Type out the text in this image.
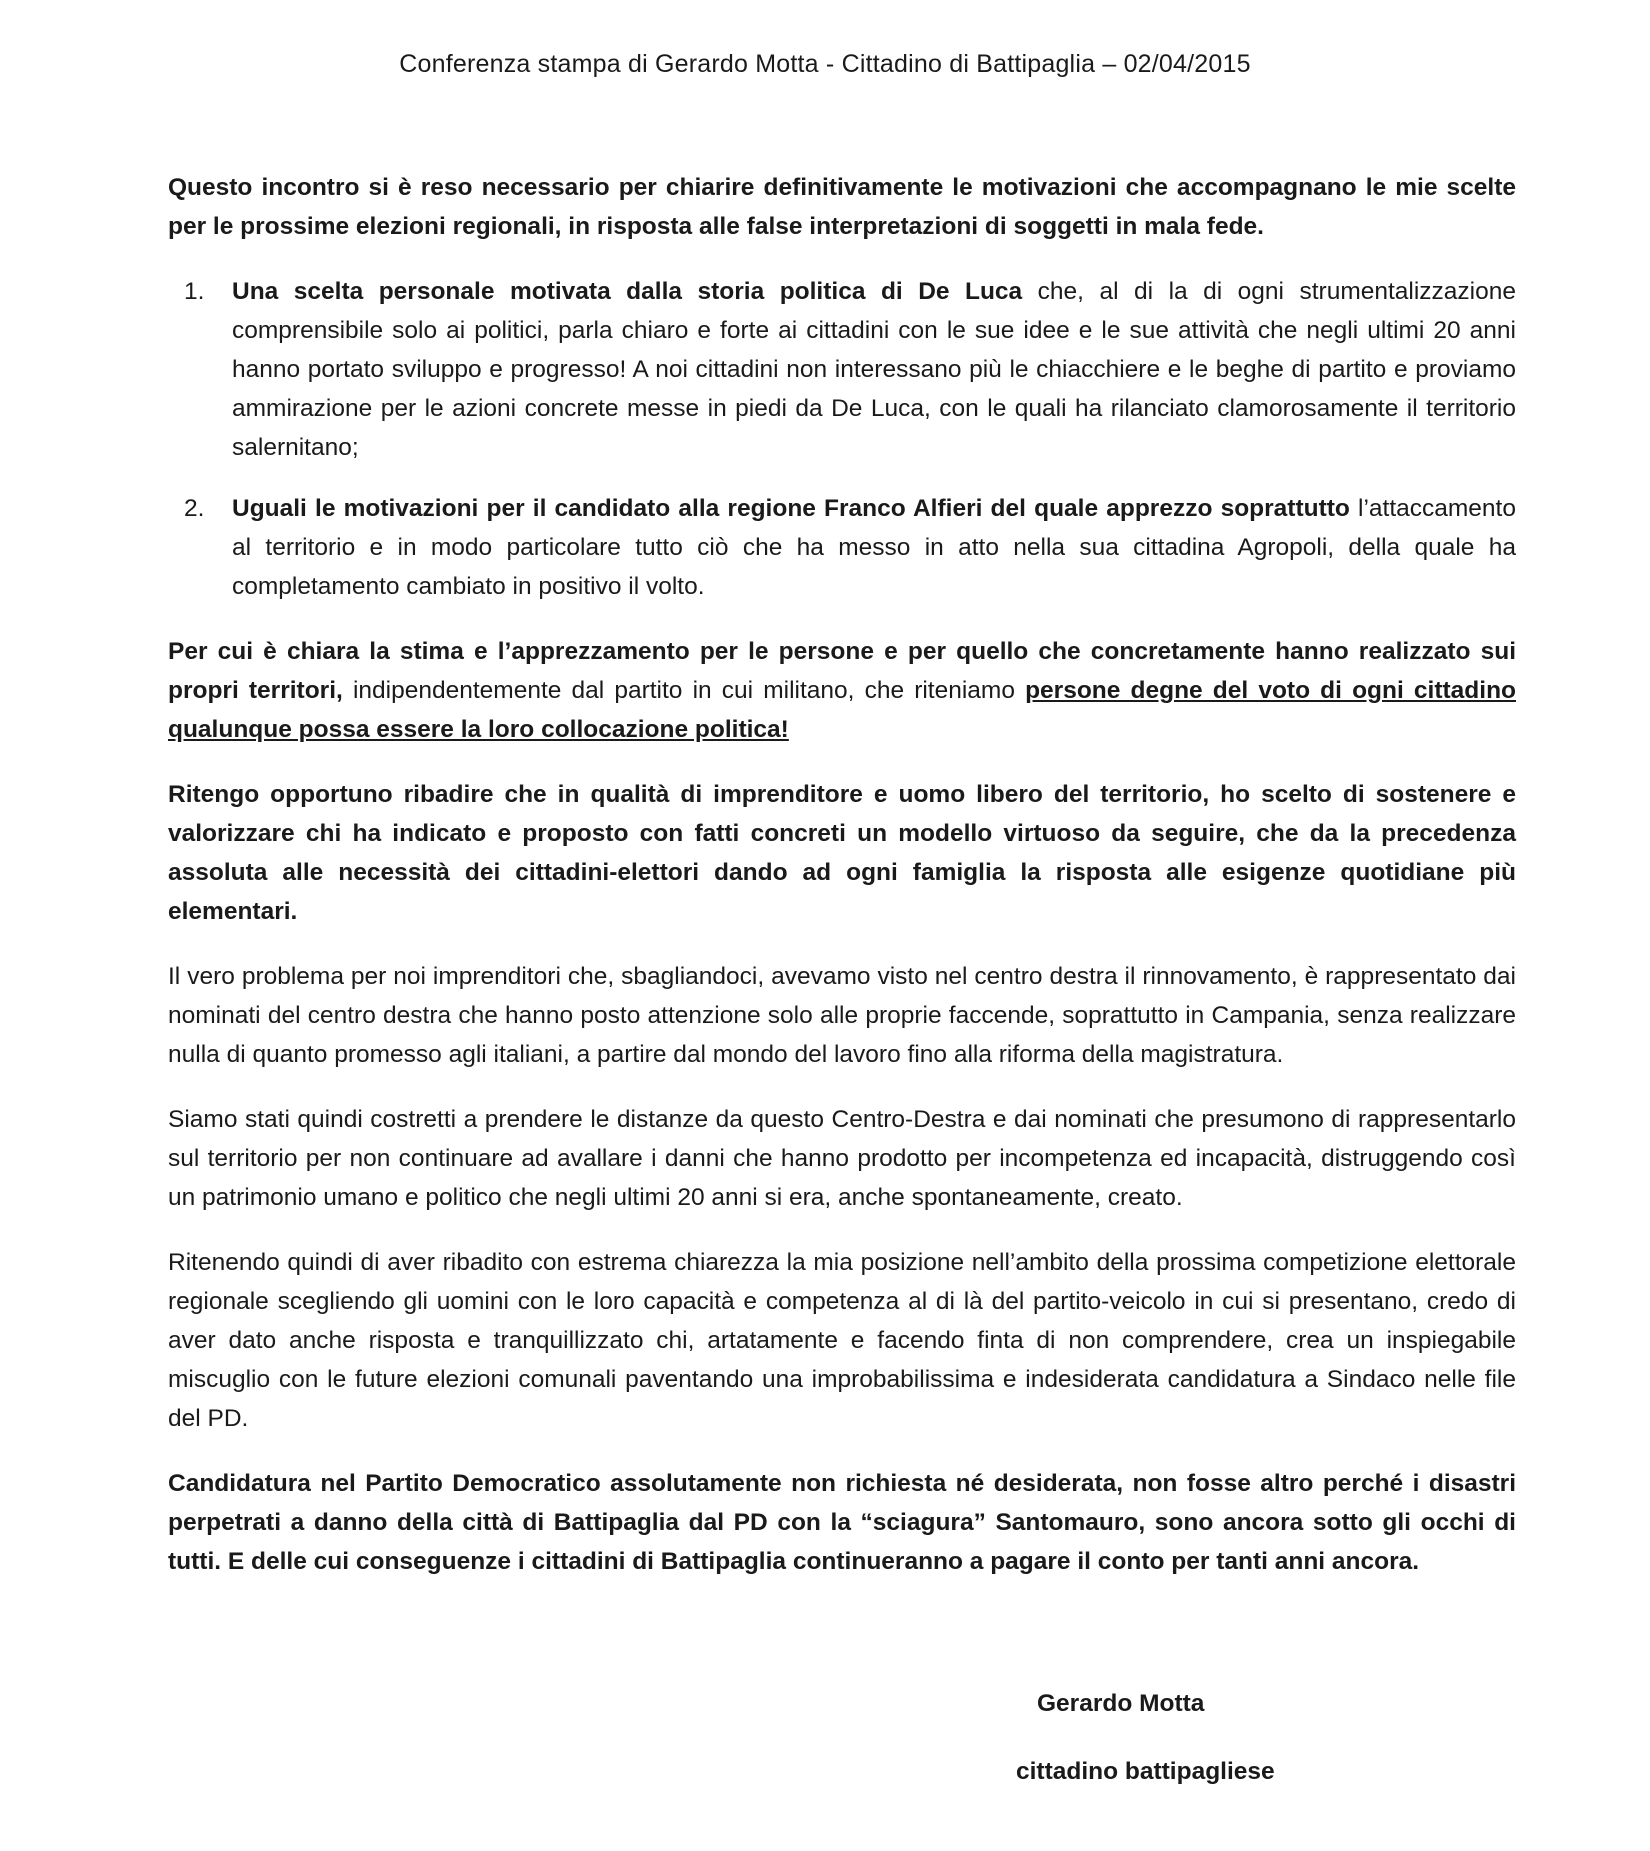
Conferenza stampa di Gerardo Motta - Cittadino di Battipaglia – 02/04/2015

Questo incontro si è reso necessario per chiarire definitivamente le motivazioni che accompagnano le mie scelte per le prossime elezioni regionali, in risposta alle false interpretazioni di soggetti in mala fede.

1. Una scelta personale motivata dalla storia politica di De Luca che, al di la di ogni strumentalizzazione comprensibile solo ai politici, parla chiaro e forte ai cittadini con le sue idee e le sue attività che negli ultimi 20 anni hanno portato sviluppo e progresso! A noi cittadini non interessano più le chiacchiere e le beghe di partito e proviamo ammirazione per le azioni concrete messe in piedi da De Luca, con le quali ha rilanciato clamorosamente il territorio salernitano;
2. Uguali le motivazioni per il candidato alla regione Franco Alfieri del quale apprezzo soprattutto l’attaccamento al territorio e in modo particolare tutto ciò che ha messo in atto nella sua cittadina Agropoli, della quale ha completamento cambiato in positivo il volto.

Per cui è chiara la stima e l’apprezzamento per le persone e per quello che concretamente hanno realizzato sui propri territori, indipendentemente dal partito in cui militano, che riteniamo persone degne del voto di ogni cittadino qualunque possa essere la loro collocazione politica!

Ritengo opportuno ribadire che in qualità di imprenditore e uomo libero del territorio, ho scelto di sostenere e valorizzare chi ha indicato e proposto con fatti concreti un modello virtuoso da seguire, che da la precedenza assoluta alle necessità dei cittadini-elettori dando ad ogni famiglia la risposta alle esigenze quotidiane più elementari.

Il vero problema per noi imprenditori che, sbagliandoci, avevamo visto nel centro destra il rinnovamento, è rappresentato dai nominati del centro destra che hanno posto attenzione solo alle proprie faccende, soprattutto in Campania, senza realizzare nulla di quanto promesso agli italiani, a partire dal mondo del lavoro fino alla riforma della magistratura.

Siamo stati quindi costretti a prendere le distanze da questo Centro-Destra e dai nominati che presumono di rappresentarlo sul territorio per non continuare ad avallare i danni che hanno prodotto per incompetenza ed incapacità, distruggendo così un patrimonio umano e politico che negli ultimi 20 anni si era, anche spontaneamente, creato.

Ritenendo quindi di aver ribadito con estrema chiarezza la mia posizione nell’ambito della prossima competizione elettorale regionale scegliendo gli uomini con le loro capacità e competenza al di là del partito-veicolo in cui si presentano, credo di aver dato anche risposta e tranquillizzato chi, artatamente e facendo finta di non comprendere, crea un inspiegabile miscuglio con le future elezioni comunali paventando una improbabilissima e indesiderata candidatura a Sindaco nelle file del PD.

Candidatura nel Partito Democratico assolutamente non richiesta né desiderata, non fosse altro perché i disastri perpetrati a danno della città di Battipaglia dal PD con la “sciagura” Santomauro, sono ancora sotto gli occhi di tutti. E delle cui conseguenze i cittadini di Battipaglia continueranno a pagare il conto per tanti anni ancora.

Gerardo Motta
cittadino battipagliese
